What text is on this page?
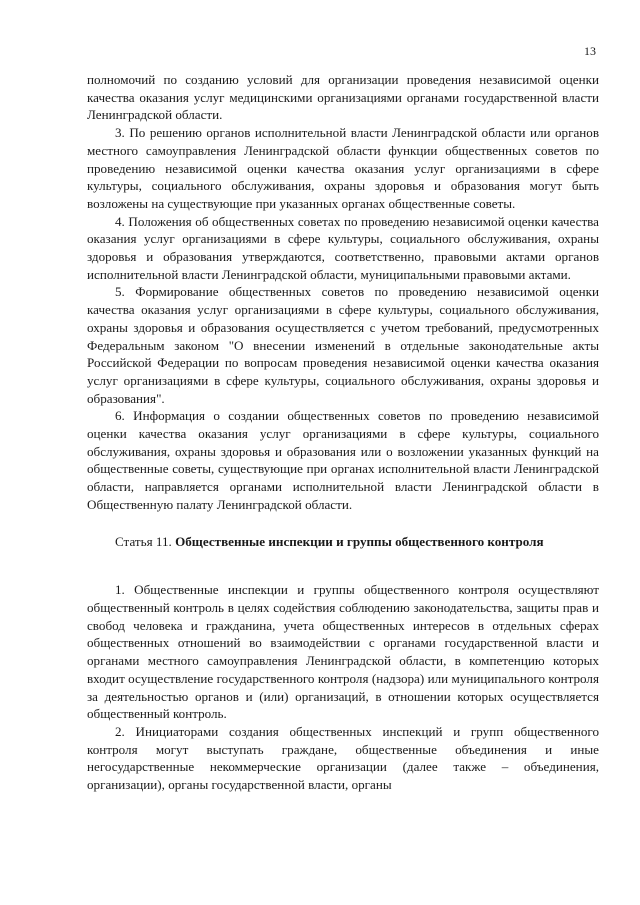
13

полномочий по созданию условий для организации проведения независимой оценки качества оказания услуг медицинскими организациями органами государственной власти Ленинградской области.

3. По решению органов исполнительной власти Ленинградской области или органов местного самоуправления Ленинградской области функции общественных советов по проведению независимой оценки качества оказания услуг организациями в сфере культуры, социального обслуживания, охраны здоровья и образования могут быть возложены на существующие при указанных органах общественные советы.

4. Положения об общественных советах по проведению независимой оценки качества оказания услуг организациями в сфере культуры, социального обслуживания, охраны здоровья и образования утверждаются, соответственно, правовыми актами органов исполнительной власти Ленинградской области, муниципальными правовыми актами.

5. Формирование общественных советов по проведению независимой оценки качества оказания услуг организациями в сфере культуры, социального обслуживания, охраны здоровья и образования осуществляется с учетом требований, предусмотренных Федеральным законом "О внесении изменений в отдельные законодательные акты Российской Федерации по вопросам проведения независимой оценки качества оказания услуг организациями в сфере культуры, социального обслуживания, охраны здоровья и образования".

6. Информация о создании общественных советов по проведению независимой оценки качества оказания услуг организациями в сфере культуры, социального обслуживания, охраны здоровья и образования или о возложении указанных функций на общественные советы, существующие при органах исполнительной власти Ленинградской области, направляется органами исполнительной власти Ленинградской области в Общественную палату Ленинградской области.

Статья 11. Общественные инспекции и группы общественного контроля

1. Общественные инспекции и группы общественного контроля осуществляют общественный контроль в целях содействия соблюдению законодательства, защиты прав и свобод человека и гражданина, учета общественных интересов в отдельных сферах общественных отношений во взаимодействии с органами государственной власти и органами местного самоуправления Ленинградской области, в компетенцию которых входит осуществление государственного контроля (надзора) или муниципального контроля за деятельностью органов и (или) организаций, в отношении которых осуществляется общественный контроль.

2. Инициаторами создания общественных инспекций и групп общественного контроля могут выступать граждане, общественные объединения и иные негосударственные некоммерческие организации (далее также – объединения, организации), органы государственной власти, органы
